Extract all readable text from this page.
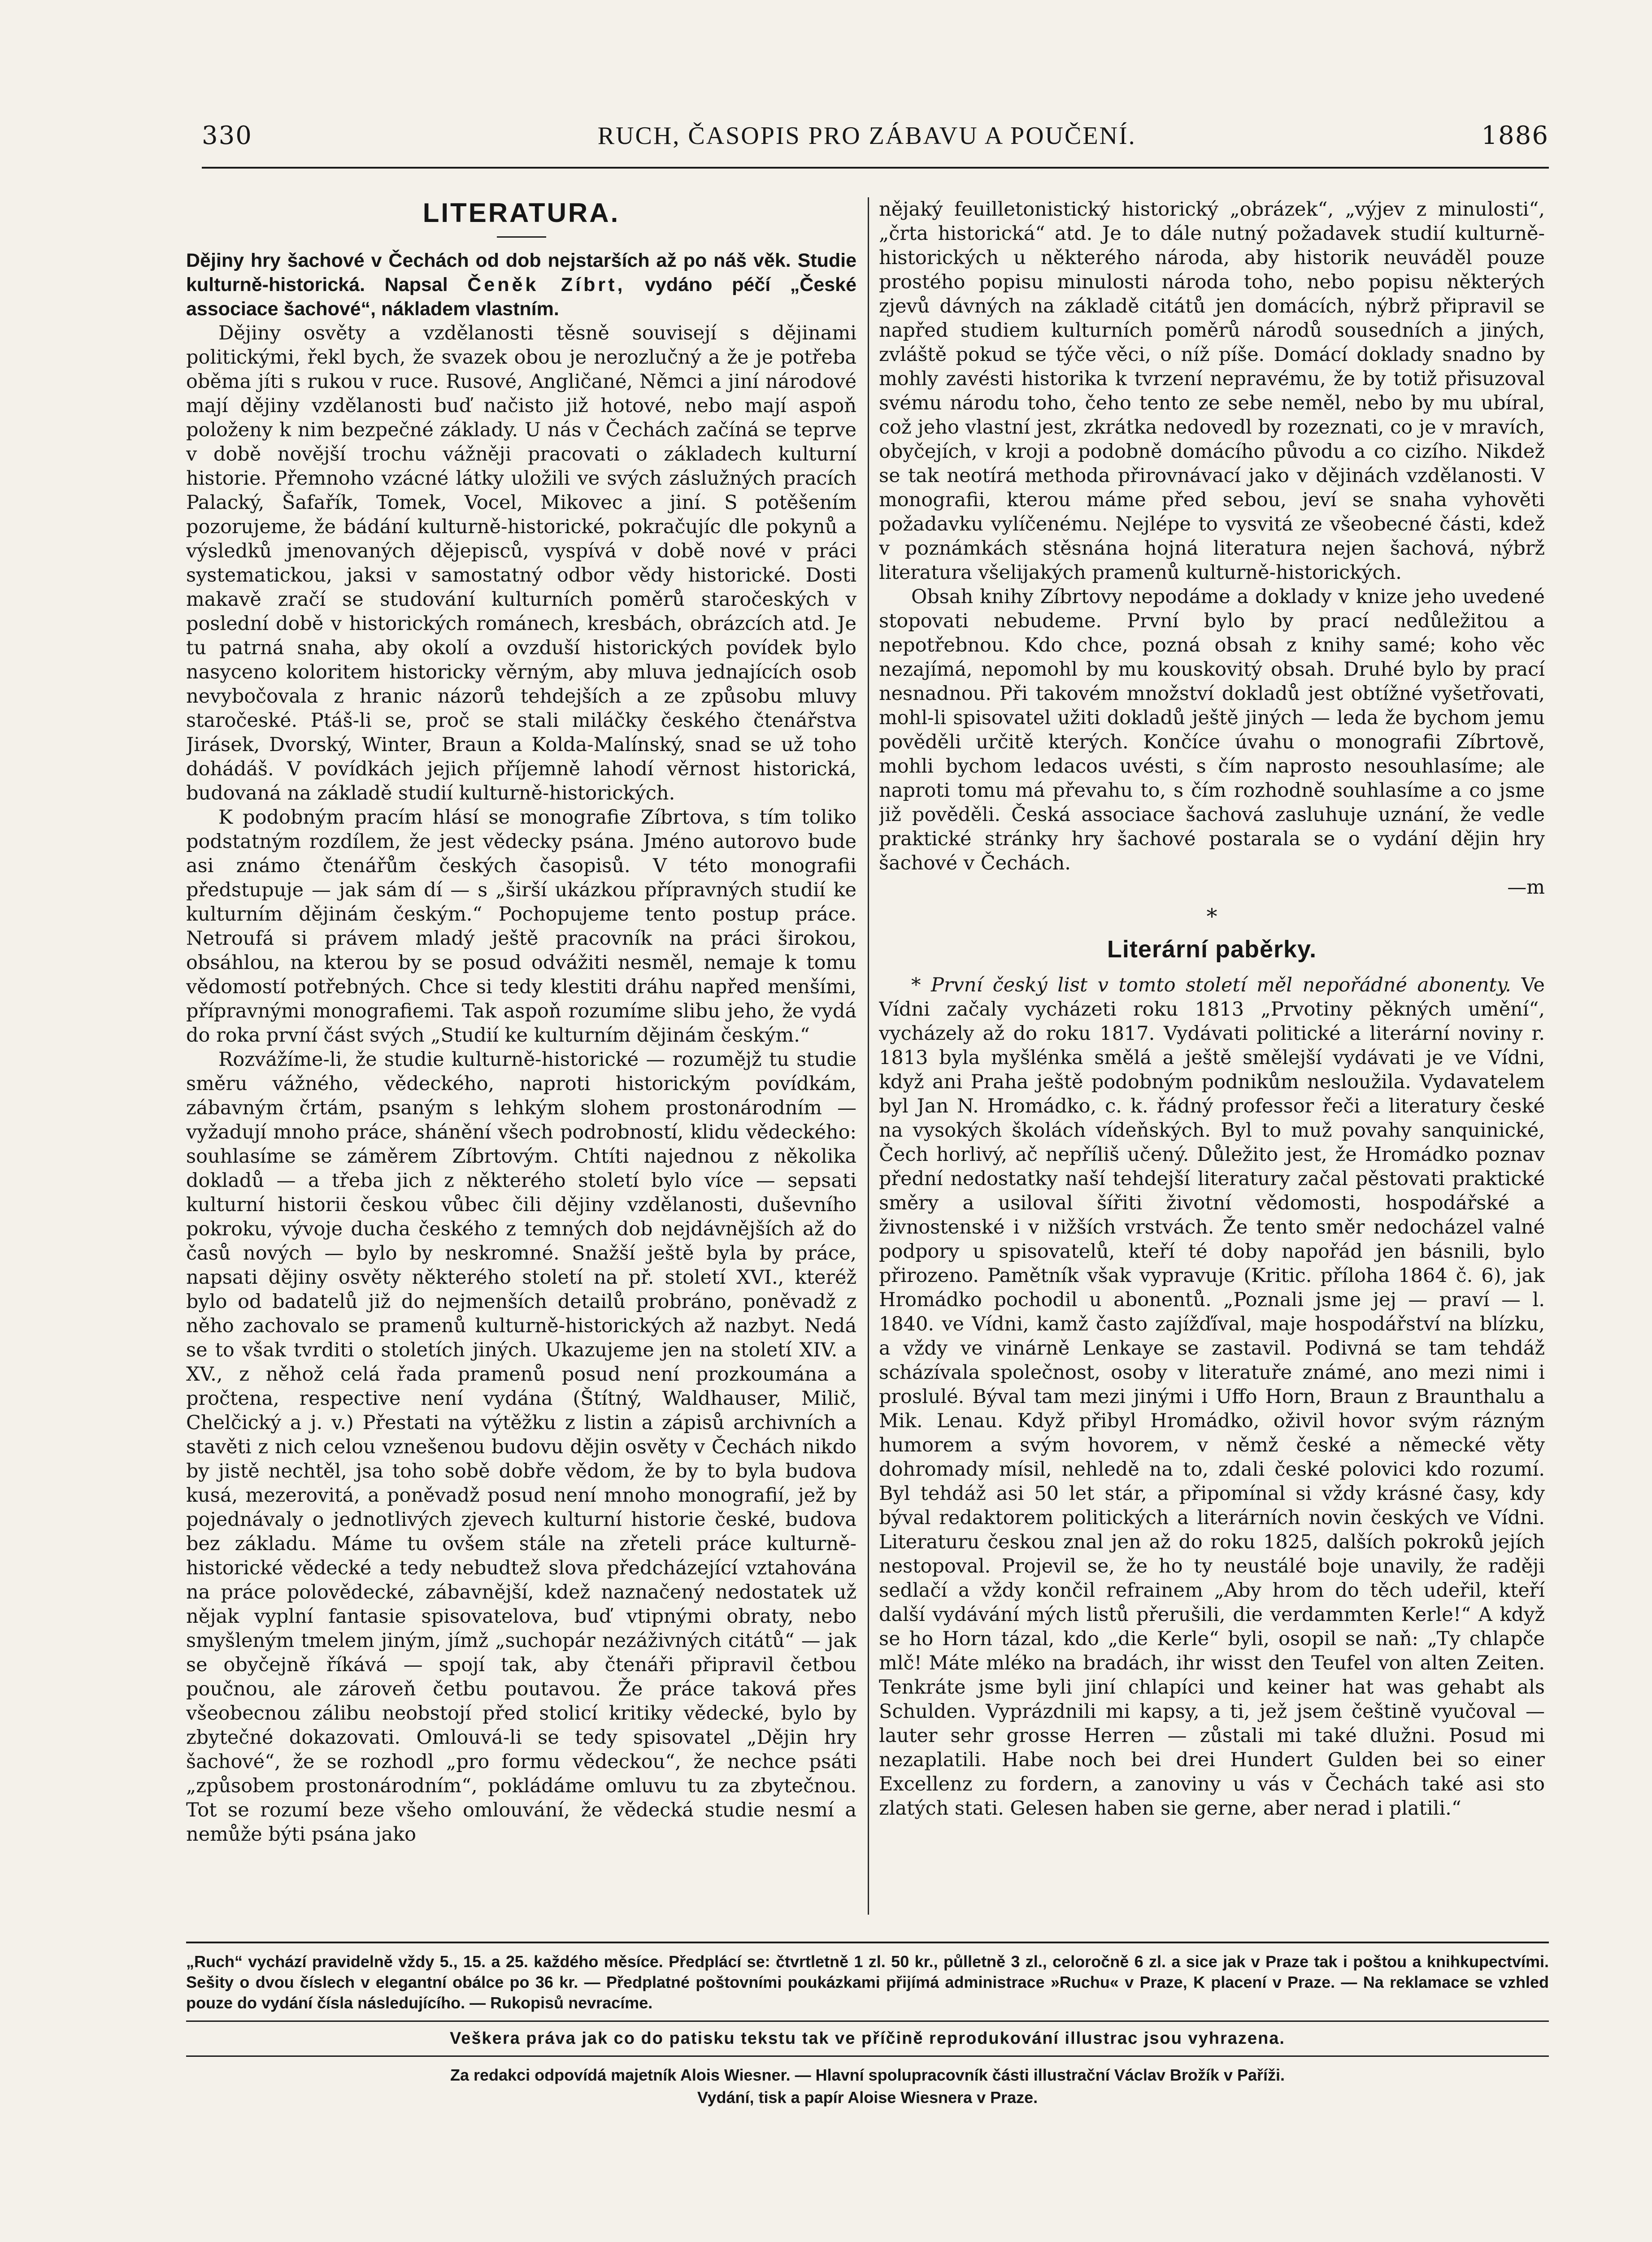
330	RUCH, ČASOPIS PRO ZÁBAVU A POUČENÍ.	1886
LITERATURA.

Dějiny hry šachové v Čechách od dob nejstarších až po náš věk. Studie kulturně-historická. Napsal Čeněk Zíbrt, vydáno péčí „České associace šachové“, nákladem vlastním.

Dějiny osvěty a vzdělanosti těsně souvisejí s dějinami politickými, řekl bych, že svazek obou je nerozlučný a že je potřeba oběma jíti s rukou v ruce. Rusové, Angličané, Němci a jiní národové mají dějiny vzdělanosti buď načisto již hotové, nebo mají aspoň položeny k nim bezpečné základy. U nás v Čechách začíná se teprve v době novější trochu vážněji pracovati o základech kulturní historie. Přemnoho vzácné látky uložili ve svých záslužných pracích Palacký, Šafařík, Tomek, Vocel, Mikovec a jiní. S potěšením pozorujeme, že bádání kulturně-historické, pokračujíc dle pokynů a výsledků jmenovaných dějepisců, vyspívá v době nové v práci systematickou, jaksi v samostatný odbor vědy historické. Dosti makavě zračí se studování kulturních poměrů staročeských v poslední době v historických románech, kresbách, obrázcích atd. Je tu patrná snaha, aby okolí a ovzduší historických povídek bylo nasyceno koloritem historicky věrným, aby mluva jednajících osob nevybočovala z hranic názorů tehdejších a ze způsobu mluvy staročeské. Ptáš-li se, proč se stali miláčky českého čtenářstva Jirásek, Dvorský, Winter, Braun a Kolda-Malínský, snad se už toho dohádáš. V povídkách jejich příjemně lahodí věrnost historická, budovaná na základě studií kulturně-historických.

K podobným pracím hlásí se monografie Zíbrtova, s tím toliko podstatným rozdílem, že jest vědecky psána. Jméno autorovo bude asi známo čtenářům českých časopisů. V této monografii předstupuje — jak sám dí — s „širší ukázkou přípravných studií ke kulturním dějinám českým.“ Pochopujeme tento postup práce. Netroufá si právem mladý ještě pracovník na práci širokou, obsáhlou, na kterou by se posud odvážiti nesměl, nemaje k tomu vědomostí potřebných. Chce si tedy klestiti dráhu napřed menšími, přípravnými monografiemi. Tak aspoň rozumíme slibu jeho, že vydá do roka první část svých „Studií ke kulturním dějinám českým.“

Rozvážíme-li, že studie kulturně-historické — rozumějž tu studie směru vážného, vědeckého, naproti historickým povídkám, zábavným črtám, psaným s lehkým slohem prostonárodním — vyžadují mnoho práce, shánění všech podrobností, klidu vědeckého: souhlasíme se záměrem Zíbrtovým. Chtíti najednou z několika dokladů — a třeba jich z některého století bylo více — sepsati kulturní historii českou vůbec čili dějiny vzdělanosti, duševního pokroku, vývoje ducha českého z temných dob nejdávnějších až do časů nových — bylo by neskromné. Snažší ještě byla by práce, napsati dějiny osvěty některého století na př. století XVI., kteréž bylo od badatelů již do nejmenších detailů probráno, poněvadž z něho zachovalo se pramenů kulturně-historických až nazbyt. Nedá se to však tvrditi o stoletích jiných. Ukazujeme jen na století XIV. a XV., z něhož celá řada pramenů posud není prozkoumána a pročtena, respective není vydána (Štítný, Waldhauser, Milič, Chelčický a j. v.) Přestati na výtěžku z listin a zápisů archivních a stavěti z nich celou vznešenou budovu dějin osvěty v Čechách nikdo by jistě nechtěl, jsa toho sobě dobře vědom, že by to byla budova kusá, mezerovitá, a poněvadž posud není mnoho monografií, jež by pojednávaly o jednotlivých zjevech kulturní historie české, budova bez základu. Máme tu ovšem stále na zřeteli práce kulturně-historické vědecké a tedy nebudtež slova předcházející vztahována na práce polovědecké, zábavnější, kdež naznačený nedostatek už nějak vyplní fantasie spisovatelova, buď vtipnými obraty, nebo smyšleným tmelem jiným, jímž „suchopár nezáživných citátů“ — jak se obyčejně říkává — spojí tak, aby čtenáři připravil četbou poučnou, ale zároveň četbu poutavou. Že práce taková přes všeobecnou zálibu neobstojí před stolicí kritiky vědecké, bylo by zbytečné dokazovati. Omlouvá-li se tedy spisovatel „Dějin hry šachové“, že se rozhodl „pro formu vědeckou“, že nechce psáti „způsobem prostonárodním“, pokládáme omluvu tu za zbytečnou. Tot se rozumí beze všeho omlouvání, že vědecká studie nesmí a nemůže býti psána jako

nějaký feuilletonistický historický „obrázek“, „výjev z minulosti“, „črta historická“ atd. Je to dále nutný požadavek studií kulturně-historických u některého národa, aby historik neuváděl pouze prostého popisu minulosti národa toho, nebo popisu některých zjevů dávných na základě citátů jen domácích, nýbrž připravil se napřed studiem kulturních poměrů národů sousedních a jiných, zvláště pokud se týče věci, o níž píše. Domácí doklady snadno by mohly zavésti historika k tvrzení nepravému, že by totiž přisuzoval svému národu toho, čeho tento ze sebe neměl, nebo by mu ubíral, což jeho vlastní jest, zkrátka nedovedl by rozeznati, co je v mravích, obyčejích, v kroji a podobně domácího původu a co cizího. Nikdež se tak neotírá methoda přirovnávací jako v dějinách vzdělanosti. V monografii, kterou máme před sebou, jeví se snaha vyhověti požadavku vylíčenému. Nejlépe to vysvitá ze všeobecné části, kdež v poznámkách stěsnána hojná literatura nejen šachová, nýbrž literatura všelijakých pramenů kulturně-historických.

Obsah knihy Zíbrtovy nepodáme a doklady v knize jeho uvedené stopovati nebudeme. První bylo by prací nedůležitou a nepotřebnou. Kdo chce, pozná obsah z knihy samé; koho věc nezajímá, nepomohl by mu kouskovitý obsah. Druhé bylo by prací nesnadnou. Při takovém množství dokladů jest obtížné vyšetřovati, mohl-li spisovatel užiti dokladů ještě jiných — leda že bychom jemu pověděli určitě kterých. Končíce úvahu o monografii Zíbrtově, mohli bychom ledacos uvésti, s čím naprosto nesouhlasíme; ale naproti tomu má převahu to, s čím rozhodně souhlasíme a co jsme již pověděli. Česká associace šachová zasluhuje uznání, že vedle praktické stránky hry šachové postarala se o vydání dějin hry šachové v Čechách.

—m

*
Literární paběrky.

* První český list v tomto století měl nepořádné abonenty. Ve Vídni začaly vycházeti roku 1813 „Prvotiny pěkných umění“, vycházely až do roku 1817. Vydávati politické a literární noviny r. 1813 byla myšlénka smělá a ještě smělejší vydávati je ve Vídni, když ani Praha ještě podobným podnikům nesloužila. Vydavatelem byl Jan N. Hromádko, c. k. řádný professor řeči a literatury české na vysokých školách vídeňských. Byl to muž povahy sanquinické, Čech horlivý, ač nepříliš učený. Důležito jest, že Hromádko poznav přední nedostatky naší tehdejší literatury začal pěstovati praktické směry a usiloval šířiti životní vědomosti, hospodářské a živnostenské i v nižších vrstvách. Že tento směr nedocházel valné podpory u spisovatelů, kteří té doby napořád jen básnili, bylo přirozeno. Pamětník však vypravuje (Kritic. příloha 1864 č. 6), jak Hromádko pochodil u abonentů. „Poznali jsme jej — praví — l. 1840. ve Vídni, kamž často zajížďíval, maje hospodářství na blízku, a vždy ve vinárně Lenkaye se zastavil. Podivná se tam tehdáž scházívala společnost, osoby v literatuře známé, ano mezi nimi i proslulé. Býval tam mezi jinými i Uffo Horn, Braun z Braunthalu a Mik. Lenau. Když přibyl Hromádko, oživil hovor svým rázným humorem a svým hovorem, v němž české a německé věty dohromady mísil, nehledě na to, zdali české polovici kdo rozumí. Byl tehdáž asi 50 let stár, a připomínal si vždy krásné časy, kdy býval redaktorem politických a literárních novin českých ve Vídni. Literaturu českou znal jen až do roku 1825, dalších pokroků jejích nestopoval. Projevil se, že ho ty neustálé boje unavily, že raději sedlačí a vždy končil refrainem „Aby hrom do těch udeřil, kteří další vydávání mých listů přerušili, die verdammten Kerle!“ A když se ho Horn tázal, kdo „die Kerle“ byli, osopil se naň: „Ty chlapče mlč! Máte mléko na bradách, ihr wisst den Teufel von alten Zeiten. Tenkráte jsme byli jiní chlapíci und keiner hat was gehabt als Schulden. Vyprázdnili mi kapsy, a ti, jež jsem češtině vyučoval — lauter sehr grosse Herren — zůstali mi také dlužni. Posud mi nezaplatili. Habe noch bei drei Hundert Gulden bei so einer Excellenz zu fordern, a zanoviny u vás v Čechách také asi sto zlatých stati. Gelesen haben sie gerne, aber nerad i platili.“

„Ruch“ vychází pravidelně vždy 5., 15. a 25. každého měsíce. Předplácí se: čtvrtletně 1 zl. 50 kr., půlletně 3 zl., celoročně 6 zl. a sice jak v Praze tak i poštou a knihkupectvími. Sešity o dvou číslech v elegantní obálce po 36 kr. — Předplatné poštovními poukázkami přijímá administrace »Ruchu« v Praze, K placení v Praze. — Na reklamace se vzhled pouze do vydání čísla následujícího. — Rukopisů nevracíme.

Veškera práva jak co do patisku tekstu tak ve příčině reprodukování illustrac jsou vyhrazena.

Za redakci odpovídá majetník Alois Wiesner. — Hlavní spolupracovník části illustrační Václav Brožík v Paříži.

Vydání, tisk a papír Aloise Wiesnera v Praze.
